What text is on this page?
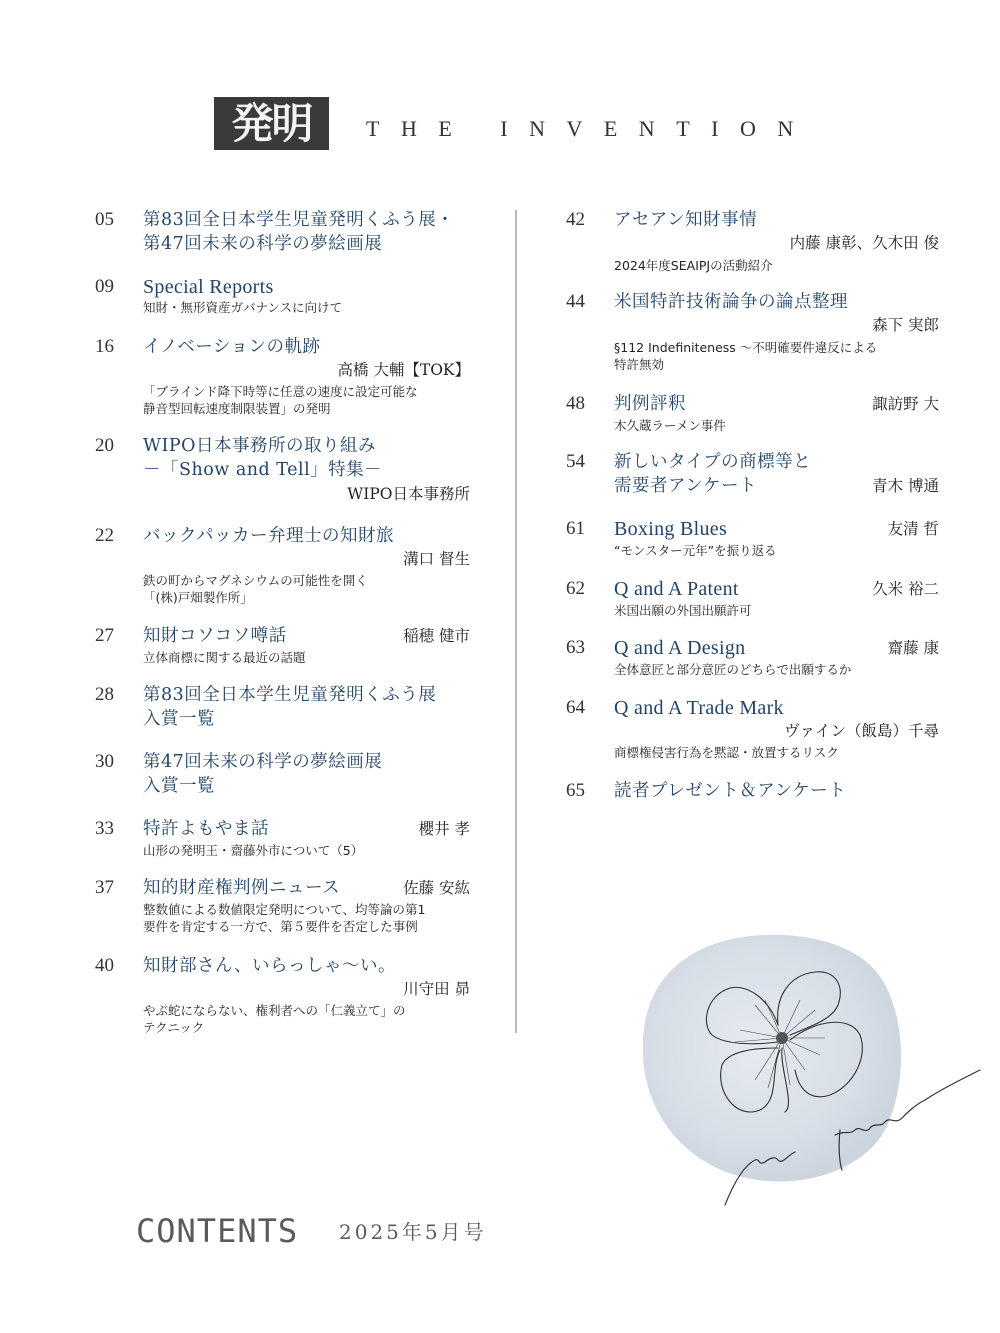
発明 THE INVENTION
05 第83回全日本学生児童発明くふう展・
第47回未来の科学の夢絵画展
09 Special Reports
知財・無形資産ガバナンスに向けて
16 イノベーションの軌跡
高橋 大輔【TOK】
「ブラインド降下時等に任意の速度に設定可能な
静音型回転速度制限装置」の発明
20 WIPO日本事務所の取り組み
－「Show and Tell」特集－
WIPO日本事務所
22 バックパッカー弁理士の知財旅
溝口 督生
鉄の町からマグネシウムの可能性を開く
「(株)戸畑製作所」
27 知財コソコソ噂話	稲穂 健市
立体商標に関する最近の話題
28 第83回全日本学生児童発明くふう展
入賞一覧
30 第47回未来の科学の夢絵画展
入賞一覧
33 特許よもやま話	櫻井 孝
山形の発明王・齋藤外市について（5）
37 知的財産権判例ニュース	佐藤 安紘
整数値による数値限定発明について、均等論の第1
要件を肯定する一方で、第５要件を否定した事例
40 知財部さん、いらっしゃ〜い。
川守田 昴
やぶ蛇にならない、権利者への「仁義立て」の
テクニック
42 アセアン知財事情
内藤 康彰、久木田 俊
2024年度SEAIPJの活動紹介
44 米国特許技術論争の論点整理
森下 実郎
§112 Indefiniteness 〜不明確要件違反による
特許無効
48 判例評釈	諏訪野 大
木久蔵ラーメン事件
54 新しいタイプの商標等と
需要者アンケート	青木 博通
61 Boxing Blues	友清 哲
“モンスター元年”を振り返る
62 Q and A Patent	久米 裕二
米国出願の外国出願許可
63 Q and A Design	齋藤 康
全体意匠と部分意匠のどちらで出願するか
64 Q and A Trade Mark
ヴァイン（飯島）千尋
商標権侵害行為を黙認・放置するリスク
65 読者プレゼント＆アンケート
CONTENTS 2025年5月号
